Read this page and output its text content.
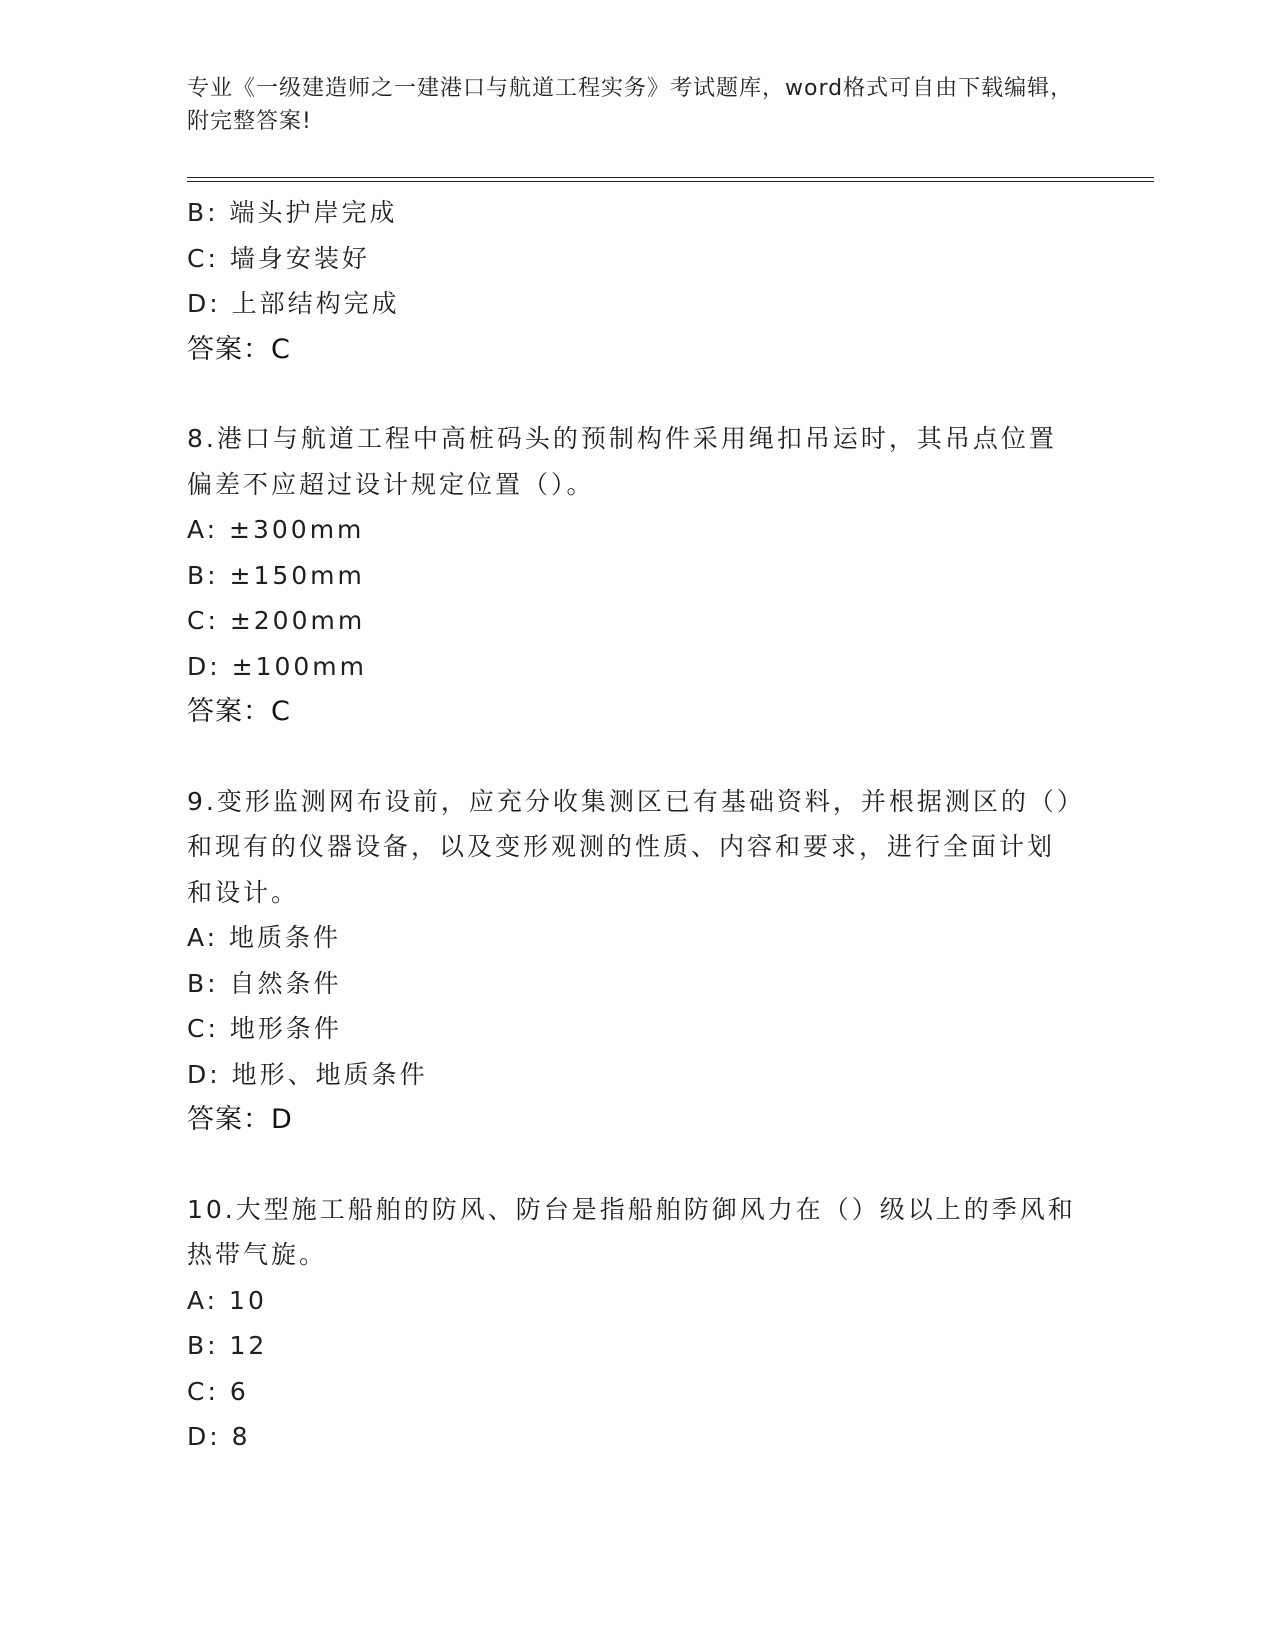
专业《一级建造师之一建港口与航道工程实务》考试题库，word格式可自由下载编辑，附完整答案!
B: 端头护岸完成
C: 墙身安装好
D: 上部结构完成
答案：C
8.港口与航道工程中高桩码头的预制构件采用绳扣吊运时，其吊点位置偏差不应超过设计规定位置（）。
A: ±300mm
B: ±150mm
C: ±200mm
D: ±100mm
答案：C
9.变形监测网布设前，应充分收集测区已有基础资料，并根据测区的（）和现有的仪器设备，以及变形观测的性质、内容和要求，进行全面计划和设计。
A: 地质条件
B: 自然条件
C: 地形条件
D: 地形、地质条件
答案：D
10.大型施工船舶的防风、防台是指船舶防御风力在（）级以上的季风和热带气旋。
A: 10
B: 12
C: 6
D: 8
